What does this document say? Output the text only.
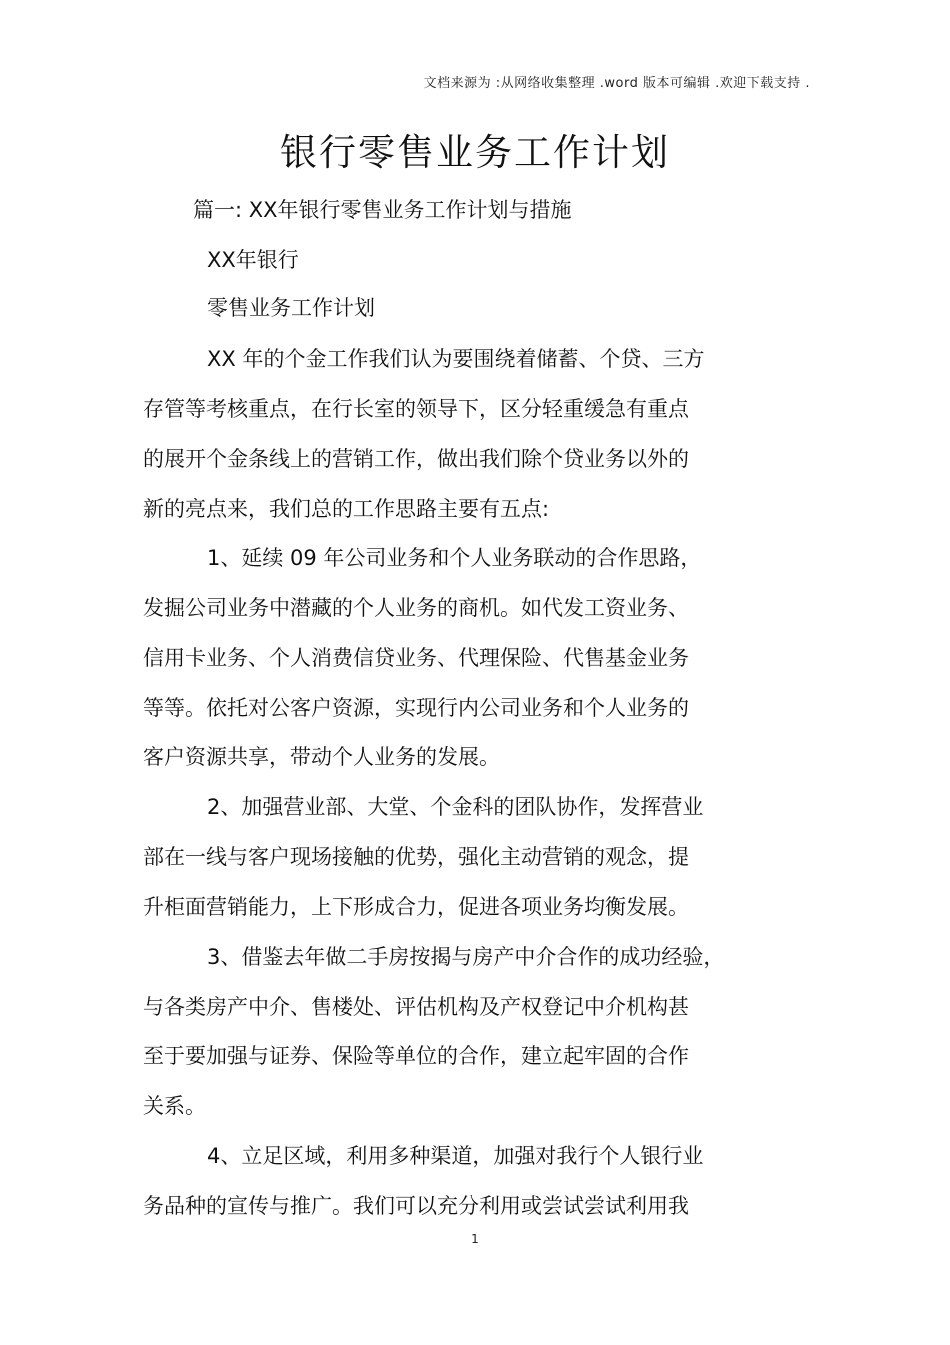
文档来源为 :从网络收集整理 .word 版本可编辑 .欢迎下载支持 .
银行零售业务工作计划
篇一: XX年银行零售业务工作计划与措施
XX年银行
零售业务工作计划
XX 年的个金工作我们认为要围绕着储蓄、个贷、三方
存管等考核重点，在行长室的领导下，区分轻重缓急有重点
的展开个金条线上的营销工作，做出我们除个贷业务以外的
新的亮点来，我们总的工作思路主要有五点:
1、延续 09 年公司业务和个人业务联动的合作思路，
发掘公司业务中潜藏的个人业务的商机。如代发工资业务、
信用卡业务、个人消费信贷业务、代理保险、代售基金业务
等等。依托对公客户资源，实现行内公司业务和个人业务的
客户资源共享，带动个人业务的发展。
2、加强营业部、大堂、个金科的团队协作，发挥营业
部在一线与客户现场接触的优势，强化主动营销的观念，提
升柜面营销能力，上下形成合力，促进各项业务均衡发展。
3、借鉴去年做二手房按揭与房产中介合作的成功经验，
与各类房产中介、售楼处、评估机构及产权登记中介机构甚
至于要加强与证券、保险等单位的合作，建立起牢固的合作
关系。
4、立足区域，利用多种渠道，加强对我行个人银行业
务品种的宣传与推广。我们可以充分利用或尝试尝试利用我
1
